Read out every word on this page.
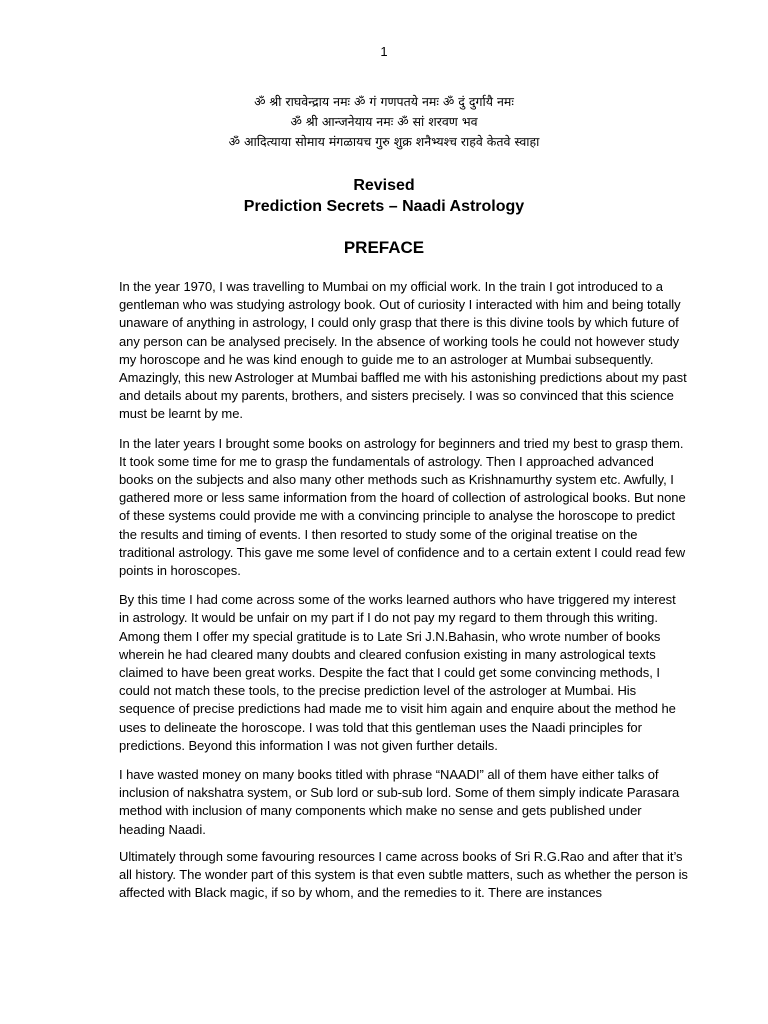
1
ॐ श्री राघवेन्द्राय नमः ॐ गं गणपतये नमः ॐ दुं दुर्गायै नमः
ॐ श्री आन्जनेयाय नमः ॐ सां शरवण भव
ॐ आदित्याया सोमाय मंगळायच गुरु शुक्र शनैभ्यश्च राहवे केतवे स्वाहा
Revised
Prediction Secrets – Naadi Astrology
PREFACE

In the year 1970, I was travelling to Mumbai on my official work. In the train I got introduced to a gentleman who was studying astrology book. Out of curiosity I interacted with him and being totally unaware of anything in astrology, I could only grasp that there is this divine tools by which future of any person can be analysed precisely. In the absence of working tools he could not however study my horoscope and he was kind enough to guide me to an astrologer at Mumbai subsequently. Amazingly, this new Astrologer at Mumbai baffled me with his astonishing predictions about my past and details about my parents, brothers, and sisters precisely. I was so convinced that this science must be learnt by me.

In the later years I brought some books on astrology for beginners and tried my best to grasp them. It took some time for me to grasp the fundamentals of astrology. Then I approached advanced books on the subjects and also many other methods such as Krishnamurthy system etc. Awfully, I gathered more or less same information from the hoard of collection of astrological books. But none of these systems could provide me with a convincing principle to analyse the horoscope to predict the results and timing of events. I then resorted to study some of the original treatise on the traditional astrology. This gave me some level of confidence and to a certain extent I could read few points in horoscopes.

By this time I had come across some of the works learned authors who have triggered my interest in astrology. It would be unfair on my part if I do not pay my regard to them through this writing. Among them I offer my special gratitude is to Late Sri J.N.Bahasin, who wrote number of books wherein he had cleared many doubts and cleared confusion existing in many astrological texts claimed to have been great works. Despite the fact that I could get some convincing methods, I could not match these tools, to the precise prediction level of the astrologer at Mumbai. His sequence of precise predictions had made me to visit him again and enquire about the method he uses to delineate the horoscope. I was told that this gentleman uses the Naadi principles for predictions. Beyond this information I was not given further details.

I have wasted money on many books titled with phrase “NAADI” all of them have either talks of inclusion of nakshatra system, or Sub lord or sub-sub lord. Some of them simply indicate Parasara method with inclusion of many components which make no sense and gets published under heading Naadi.

Ultimately through some favouring resources I came across books of Sri R.G.Rao and after that it’s all history. The wonder part of this system is that even subtle matters, such as whether the person is affected with Black magic, if so by whom, and the remedies to it. There are instances
